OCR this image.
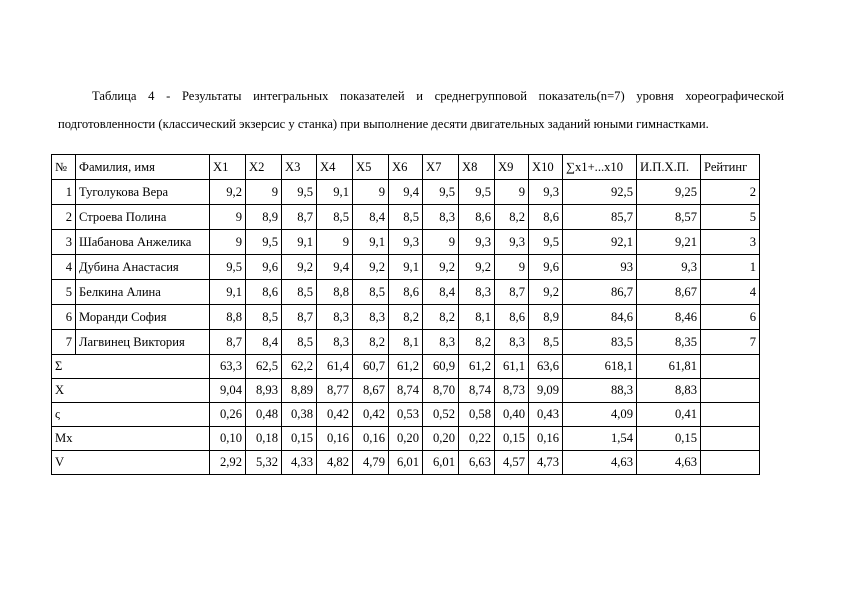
Таблица 4 - Результаты интегральных показателей и среднегрупповой показатель(n=7) уровня хореографической
подготовленности (классический экзерсис у станка) при выполнение десяти двигательных заданий юными гимнастками.
№	Фамилия, имя	Х1	Х2	Х3	Х4	Х5	Х6	Х7	Х8	Х9	Х10	∑х1+...х10	И.П.Х.П.	Рейтинг
1	Туголукова Вера	9,2	9	9,5	9,1	9	9,4	9,5	9,5	9	9,3	92,5	9,25	2
2	Строева Полина	9	8,9	8,7	8,5	8,4	8,5	8,3	8,6	8,2	8,6	85,7	8,57	5
3	Шабанова Анжелика	9	9,5	9,1	9	9,1	9,3	9	9,3	9,3	9,5	92,1	9,21	3
4	Дубина Анастасия	9,5	9,6	9,2	9,4	9,2	9,1	9,2	9,2	9	9,6	93	9,3	1
5	Белкина Алина	9,1	8,6	8,5	8,8	8,5	8,6	8,4	8,3	8,7	9,2	86,7	8,67	4
6	Моранди София	8,8	8,5	8,7	8,3	8,3	8,2	8,2	8,1	8,6	8,9	84,6	8,46	6
7	Лагвинец Виктория	8,7	8,4	8,5	8,3	8,2	8,1	8,3	8,2	8,3	8,5	83,5	8,35	7
Σ		63,3	62,5	62,2	61,4	60,7	61,2	60,9	61,2	61,1	63,6	618,1	61,81	
X		9,04	8,93	8,89	8,77	8,67	8,74	8,70	8,74	8,73	9,09	88,3	8,83	
ς		0,26	0,48	0,38	0,42	0,42	0,53	0,52	0,58	0,40	0,43	4,09	0,41	
Mx		0,10	0,18	0,15	0,16	0,16	0,20	0,20	0,22	0,15	0,16	1,54	0,15	
V		2,92	5,32	4,33	4,82	4,79	6,01	6,01	6,63	4,57	4,73	4,63	4,63	
